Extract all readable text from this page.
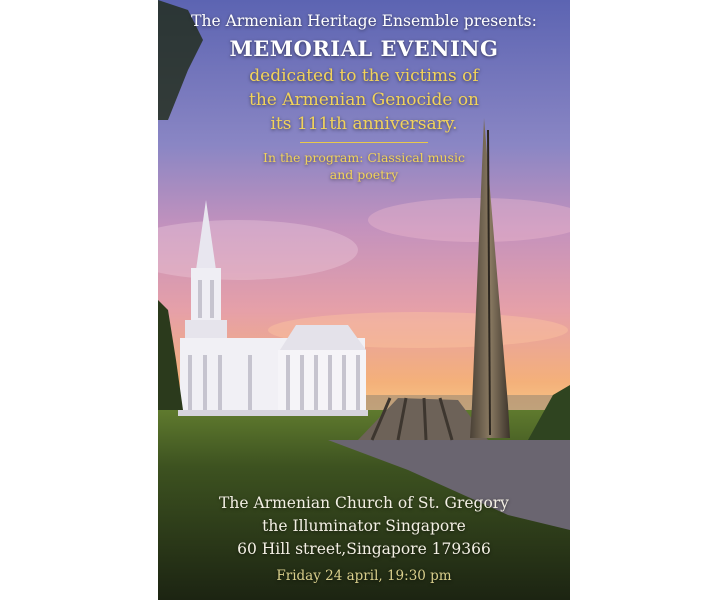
The Armenian Heritage Ensemble presents:
MEMORIAL EVENING
dedicated to the victims of
the Armenian Genocide on
its 111th anniversary.
In the program: Classical music
and poetry
The Armenian Church of St. Gregory
the Illuminator Singapore
60 Hill street,Singapore 179366
Friday 24 april, 19:30 pm
